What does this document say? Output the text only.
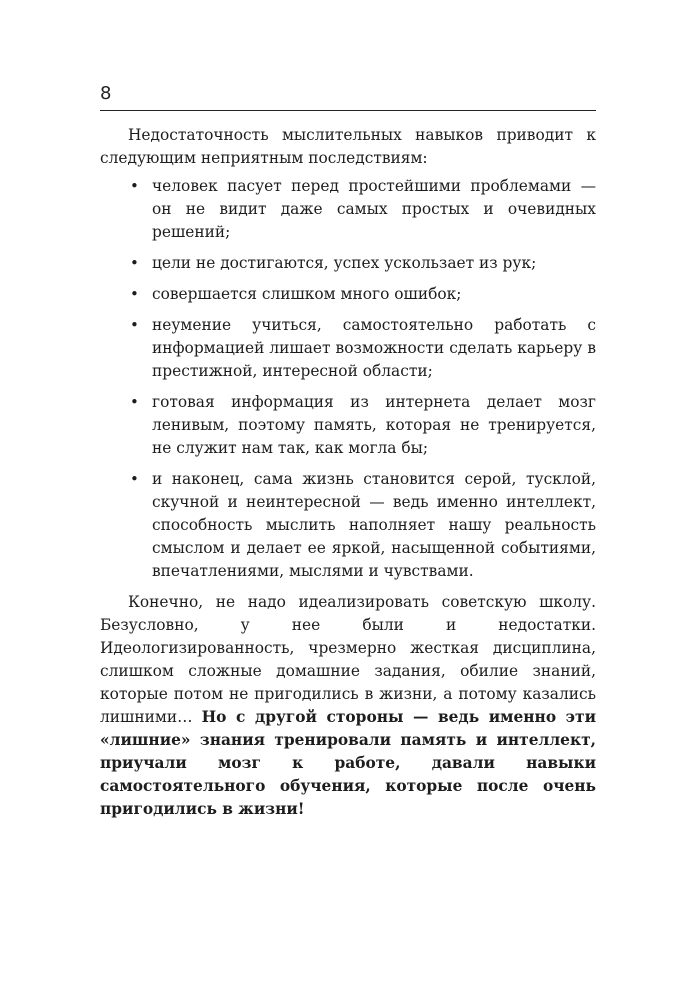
8

Недостаточность мыслительных навыков приводит к следующим неприятным последствиям:

• человек пасует перед простейшими проблемами — он не видит даже самых простых и очевидных решений;
• цели не достигаются, успех ускользает из рук;
• совершается слишком много ошибок;
• неумение учиться, самостоятельно работать с информацией лишает возможности сделать карьеру в престижной, интересной области;
• готовая информация из интернета делает мозг ленивым, поэтому память, которая не тренируется, не служит нам так, как могла бы;
• и наконец, сама жизнь становится серой, тусклой, скучной и неинтересной — ведь именно интеллект, способность мыслить наполняет нашу реальность смыслом и делает ее яркой, насыщенной событиями, впечатлениями, мыслями и чувствами.

Конечно, не надо идеализировать советскую школу. Безусловно, у нее были и недостатки. Идеологизированность, чрезмерно жесткая дисциплина, слишком сложные домашние задания, обилие знаний, которые потом не пригодились в жизни, а потому казались лишними… Но с другой стороны — ведь именно эти «лишние» знания тренировали память и интеллект, приучали мозг к работе, давали навыки самостоятельного обучения, которые после очень пригодились в жизни!
